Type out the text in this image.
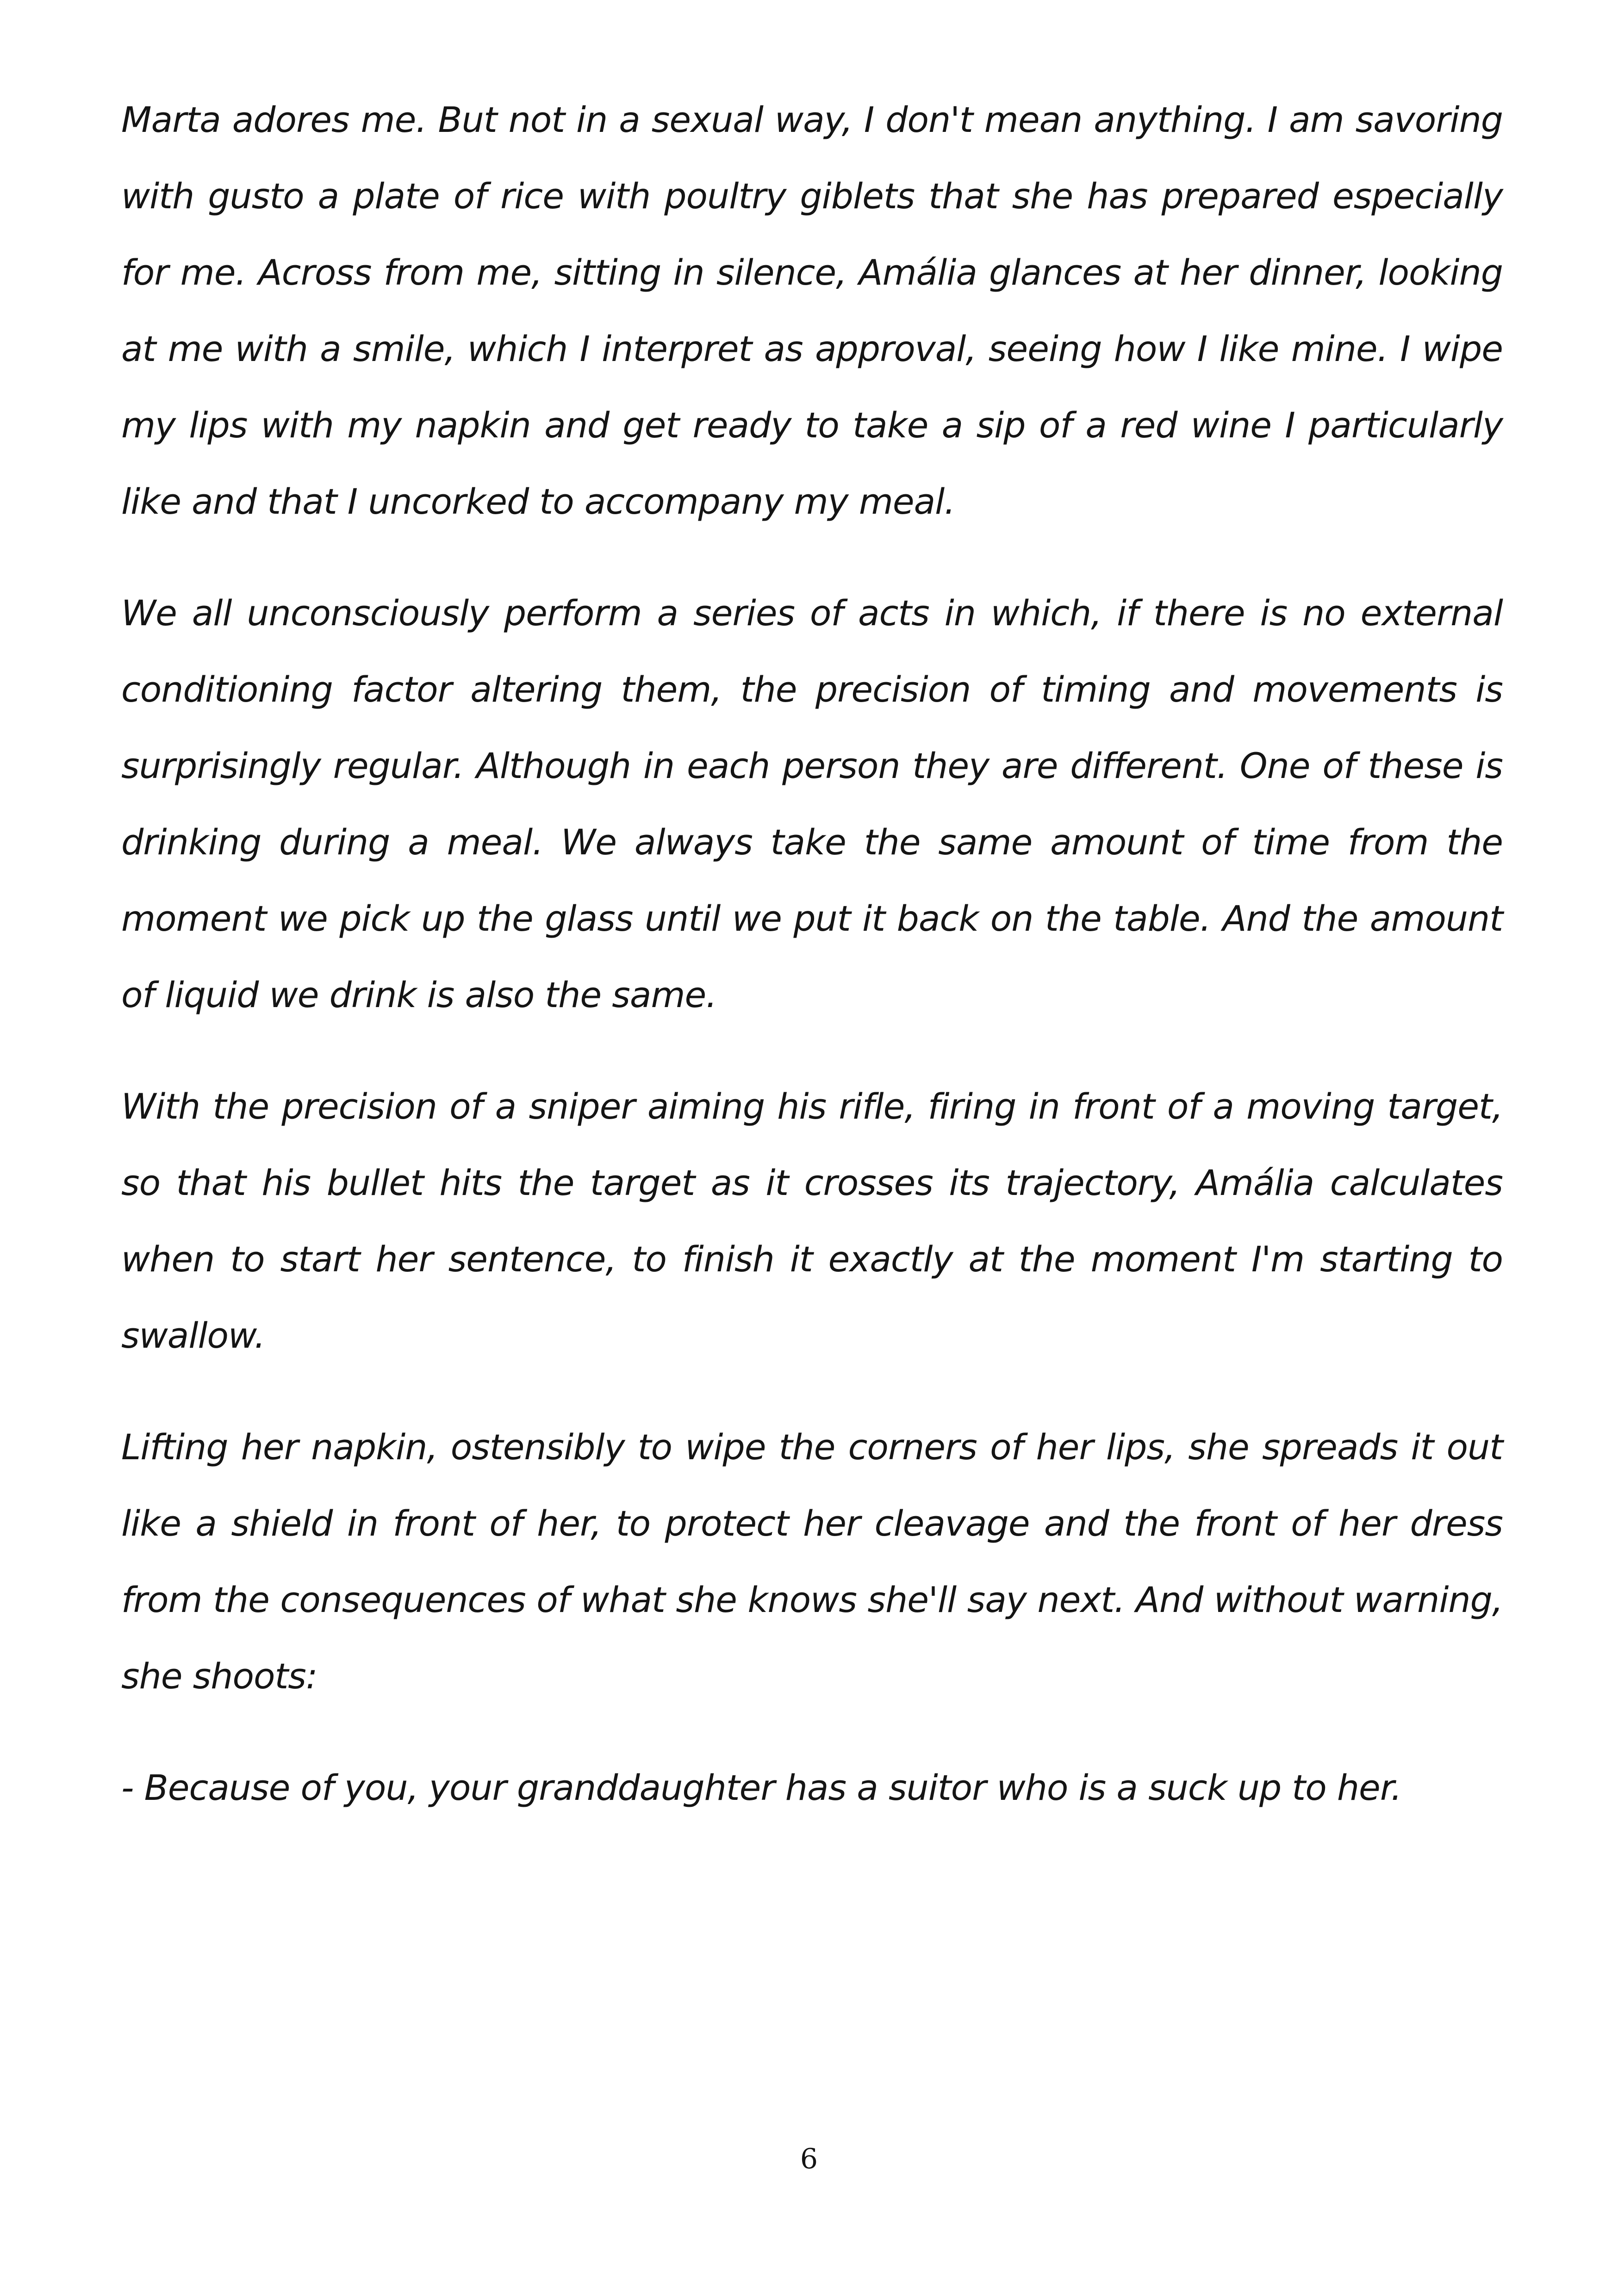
Marta adores me. But not in a sexual way, I don't mean anything. I am savoring with gusto a plate of rice with poultry giblets that she has prepared especially for me. Across from me, sitting in silence, Amália glances at her dinner, looking at me with a smile, which I interpret as approval, seeing how I like mine. I wipe my lips with my napkin and get ready to take a sip of a red wine I particularly like and that I uncorked to accompany my meal.

We all unconsciously perform a series of acts in which, if there is no external conditioning factor altering them, the precision of timing and movements is surprisingly regular. Although in each person they are different. One of these is drinking during a meal. We always take the same amount of time from the moment we pick up the glass until we put it back on the table. And the amount of liquid we drink is also the same.

With the precision of a sniper aiming his rifle, firing in front of a moving target, so that his bullet hits the target as it crosses its trajectory, Amália calculates when to start her sentence, to finish it exactly at the moment I'm starting to swallow.

Lifting her napkin, ostensibly to wipe the corners of her lips, she spreads it out like a shield in front of her, to protect her cleavage and the front of her dress from the consequences of what she knows she'll say next. And without warning, she shoots:

- Because of you, your granddaughter has a suitor who is a suck up to her.

6
